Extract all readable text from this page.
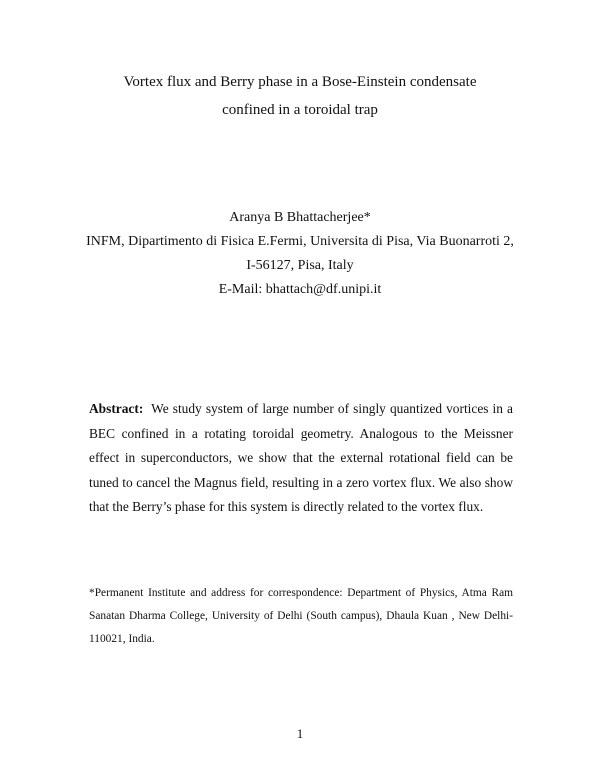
Vortex flux and Berry phase in a Bose-Einstein condensate
confined in a toroidal trap
Aranya B Bhattacherjee*
INFM, Dipartimento di Fisica E.Fermi, Universita di Pisa, Via Buonarroti 2,
I-56127, Pisa, Italy
E-Mail: bhattach@df.unipi.it
Abstract: We study system of large number of singly quantized vortices in a BEC confined in a rotating toroidal geometry. Analogous to the Meissner effect in superconductors, we show that the external rotational field can be tuned to cancel the Magnus field, resulting in a zero vortex flux. We also show that the Berry’s phase for this system is directly related to the vortex flux.
*Permanent Institute and address for correspondence: Department of Physics, Atma Ram Sanatan Dharma College, University of Delhi (South campus), Dhaula Kuan , New Delhi-110021, India.
1
